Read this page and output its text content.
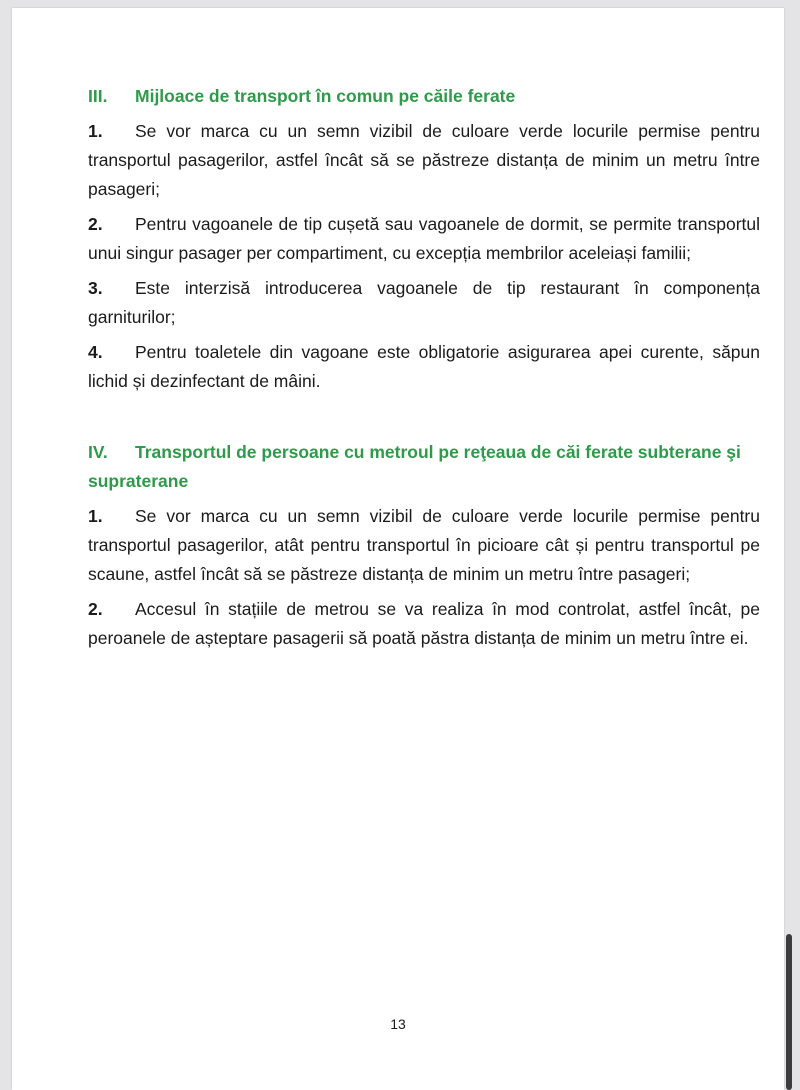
III.	Mijloace de transport în comun pe căile ferate

1. Se vor marca cu un semn vizibil de culoare verde locurile permise pentru transportul pasagerilor, astfel încât să se păstreze distanța de minim un metru între pasageri;

2. Pentru vagoanele de tip cușetă sau vagoanele de dormit, se permite transportul unui singur pasager per compartiment, cu excepția membrilor aceleiași familii;

3. Este interzisă introducerea vagoanele de tip restaurant în componența garniturilor;

4. Pentru toaletele din vagoane este obligatorie asigurarea apei curente, săpun lichid și dezinfectant de mâini.

IV. Transportul de persoane cu metroul pe reţeaua de căi ferate subterane şi supraterane

1. Se vor marca cu un semn vizibil de culoare verde locurile permise pentru transportul pasagerilor, atât pentru transportul în picioare cât și pentru transportul pe scaune, astfel încât să se păstreze distanța de minim un metru între pasageri;

2. Accesul în stațiile de metrou se va realiza în mod controlat, astfel încât, pe peroanele de așteptare pasagerii să poată păstra distanța de minim un metru între ei.

13
